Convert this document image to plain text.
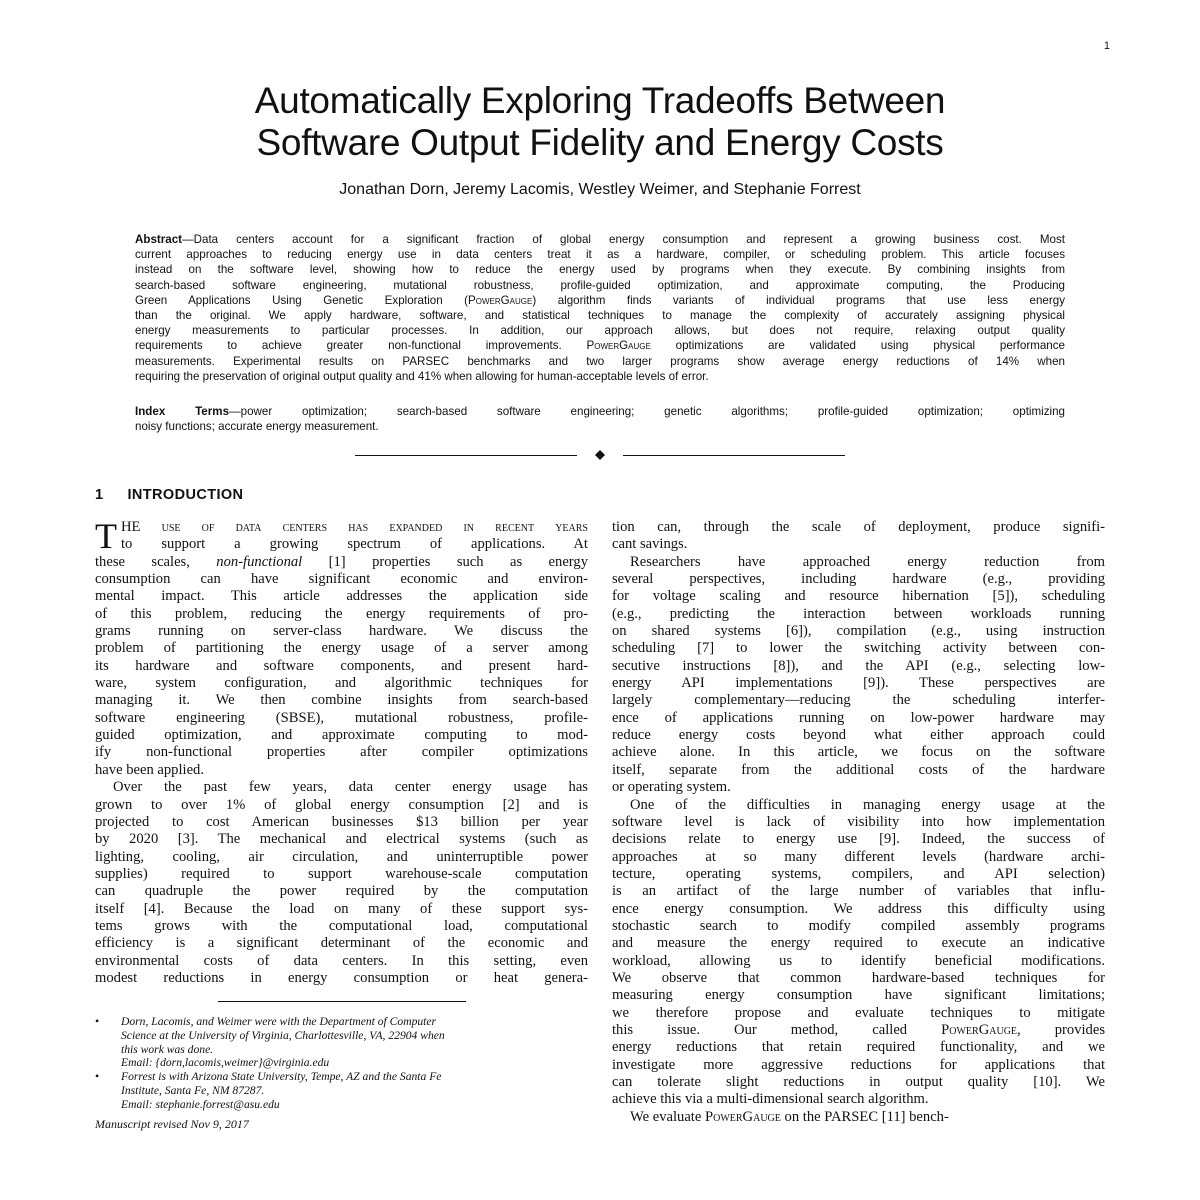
1
Automatically Exploring Tradeoffs Between
Software Output Fidelity and Energy Costs
Jonathan Dorn, Jeremy Lacomis, Westley Weimer, and Stephanie Forrest
Abstract—Data centers account for a significant fraction of global energy consumption and represent a growing business cost. Most
current approaches to reducing energy use in data centers treat it as a hardware, compiler, or scheduling problem. This article focuses
instead on the software level, showing how to reduce the energy used by programs when they execute. By combining insights from
search-based software engineering, mutational robustness, profile-guided optimization, and approximate computing, the Producing
Green Applications Using Genetic Exploration (PowerGauge) algorithm finds variants of individual programs that use less energy
than the original. We apply hardware, software, and statistical techniques to manage the complexity of accurately assigning physical
energy measurements to particular processes. In addition, our approach allows, but does not require, relaxing output quality
requirements to achieve greater non-functional improvements. PowerGauge optimizations are validated using physical performance
measurements. Experimental results on PARSEC benchmarks and two larger programs show average energy reductions of 14% when
requiring the preservation of original output quality and 41% when allowing for human-acceptable levels of error.
Index Terms—power optimization; search-based software engineering; genetic algorithms; profile-guided optimization; optimizing
noisy functions; accurate energy measurement.
1 INTRODUCTION
T HE use of data centers has expanded in recent years
to support a growing spectrum of applications. At
these scales, non-functional [1] properties such as energy
consumption can have significant economic and environ-
mental impact. This article addresses the application side
of this problem, reducing the energy requirements of pro-
grams running on server-class hardware. We discuss the
problem of partitioning the energy usage of a server among
its hardware and software components, and present hard-
ware, system configuration, and algorithmic techniques for
managing it. We then combine insights from search-based
software engineering (SBSE), mutational robustness, profile-
guided optimization, and approximate computing to mod-
ify non-functional properties after compiler optimizations
have been applied.
Over the past few years, data center energy usage has
grown to over 1% of global energy consumption [2] and is
projected to cost American businesses $13 billion per year
by 2020 [3]. The mechanical and electrical systems (such as
lighting, cooling, air circulation, and uninterruptible power
supplies) required to support warehouse-scale computation
can quadruple the power required by the computation
itself [4]. Because the load on many of these support sys-
tems grows with the computational load, computational
efficiency is a significant determinant of the economic and
environmental costs of data centers. In this setting, even
modest reductions in energy consumption or heat genera-
• Dorn, Lacomis, and Weimer were with the Department of Computer
Science at the University of Virginia, Charlottesville, VA, 22904 when
this work was done.
Email: {dorn,lacomis,weimer}@virginia.edu
• Forrest is with Arizona State University, Tempe, AZ and the Santa Fe
Institute, Santa Fe, NM 87287.
Email: stephanie.forrest@asu.edu
Manuscript revised Nov 9, 2017
tion can, through the scale of deployment, produce signifi-
cant savings.
Researchers have approached energy reduction from
several perspectives, including hardware (e.g., providing
for voltage scaling and resource hibernation [5]), scheduling
(e.g., predicting the interaction between workloads running
on shared systems [6]), compilation (e.g., using instruction
scheduling [7] to lower the switching activity between con-
secutive instructions [8]), and the API (e.g., selecting low-
energy API implementations [9]). These perspectives are
largely complementary—reducing the scheduling interfer-
ence of applications running on low-power hardware may
reduce energy costs beyond what either approach could
achieve alone. In this article, we focus on the software
itself, separate from the additional costs of the hardware
or operating system.
One of the difficulties in managing energy usage at the
software level is lack of visibility into how implementation
decisions relate to energy use [9]. Indeed, the success of
approaches at so many different levels (hardware archi-
tecture, operating systems, compilers, and API selection)
is an artifact of the large number of variables that influ-
ence energy consumption. We address this difficulty using
stochastic search to modify compiled assembly programs
and measure the energy required to execute an indicative
workload, allowing us to identify beneficial modifications.
We observe that common hardware-based techniques for
measuring energy consumption have significant limitations;
we therefore propose and evaluate techniques to mitigate
this issue. Our method, called PowerGauge, provides
energy reductions that retain required functionality, and we
investigate more aggressive reductions for applications that
can tolerate slight reductions in output quality [10]. We
achieve this via a multi-dimensional search algorithm.
We evaluate PowerGauge on the PARSEC [11] bench-
